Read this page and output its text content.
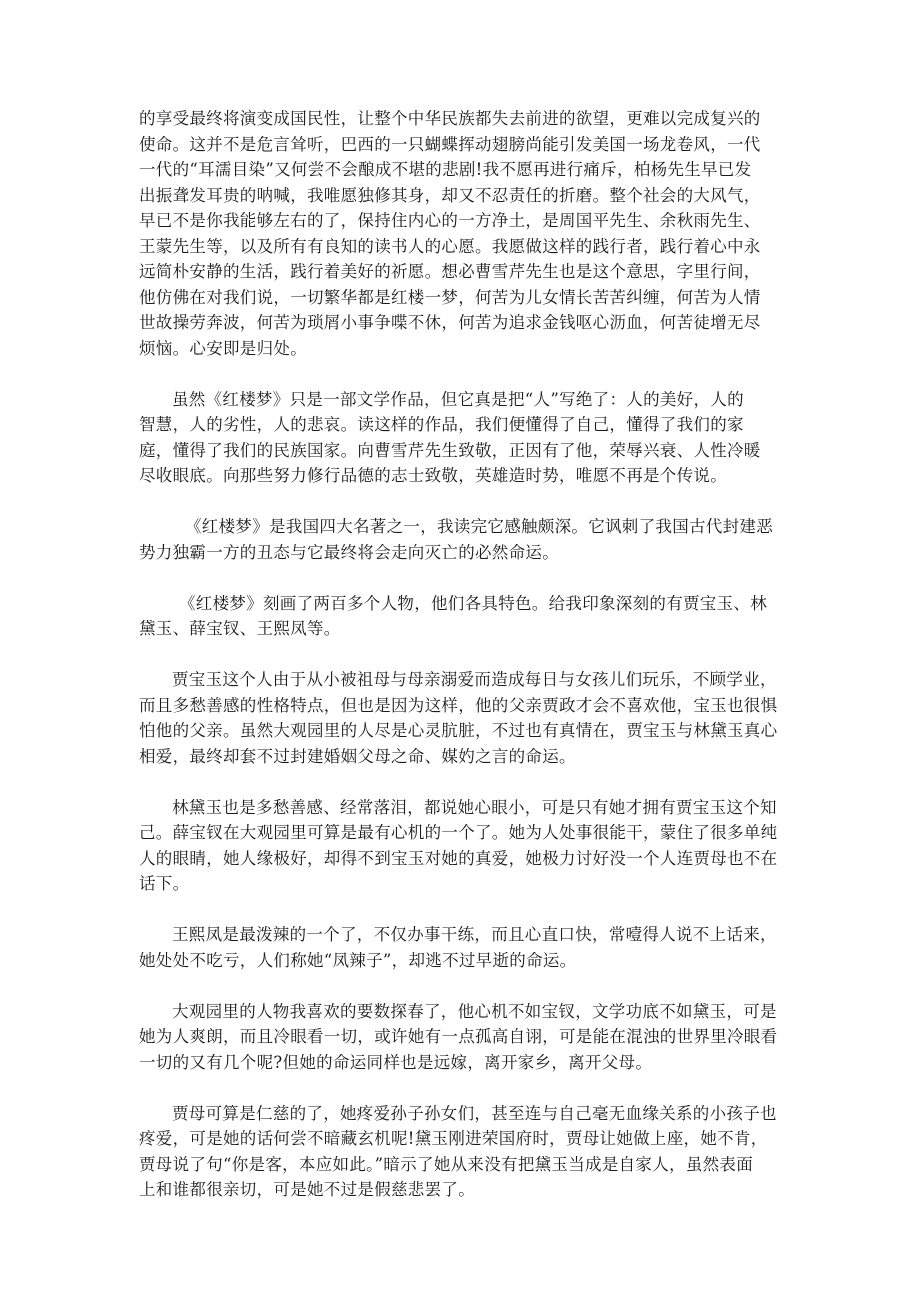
的享受最终将演变成国民性，让整个中华民族都失去前进的欲望，更难以完成复兴的
使命。这并不是危言耸听，巴西的一只蝴蝶挥动翅膀尚能引发美国一场龙卷风，一代
一代的“耳濡目染”又何尝不会酿成不堪的悲剧!我不愿再进行痛斥，柏杨先生早已发
出振聋发耳贵的呐喊，我唯愿独修其身，却又不忍责任的折磨。整个社会的大风气，
早已不是你我能够左右的了，保持住内心的一方净土，是周国平先生、余秋雨先生、
王蒙先生等，以及所有有良知的读书人的心愿。我愿做这样的践行者，践行着心中永
远简朴安静的生活，践行着美好的祈愿。想必曹雪芹先生也是这个意思，字里行间，
他仿佛在对我们说，一切繁华都是红楼一梦，何苦为儿女情长苦苦纠缠，何苦为人情
世故操劳奔波，何苦为琐屑小事争喋不休，何苦为追求金钱呕心沥血，何苦徒增无尽
烦恼。心安即是归处。
虽然《红楼梦》只是一部文学作品，但它真是把“人”写绝了：人的美好，人的
智慧，人的劣性，人的悲哀。读这样的作品，我们便懂得了自己，懂得了我们的家
庭，懂得了我们的民族国家。向曹雪芹先生致敬，正因有了他，荣辱兴衰、人性冷暖
尽收眼底。向那些努力修行品德的志士致敬，英雄造时势，唯愿不再是个传说。
《红楼梦》是我国四大名著之一，我读完它感触颇深。它讽刺了我国古代封建恶
势力独霸一方的丑态与它最终将会走向灭亡的必然命运。
《红楼梦》刻画了两百多个人物，他们各具特色。给我印象深刻的有贾宝玉、林
黛玉、薛宝钗、王熙凤等。
贾宝玉这个人由于从小被祖母与母亲溺爱而造成每日与女孩儿们玩乐，不顾学业，
而且多愁善感的性格特点，但也是因为这样，他的父亲贾政才会不喜欢他，宝玉也很惧
怕他的父亲。虽然大观园里的人尽是心灵肮脏，不过也有真情在，贾宝玉与林黛玉真心
相爱，最终却套不过封建婚姻父母之命、媒妁之言的命运。
林黛玉也是多愁善感、经常落泪，都说她心眼小，可是只有她才拥有贾宝玉这个知
己。薛宝钗在大观园里可算是最有心机的一个了。她为人处事很能干，蒙住了很多单纯
人的眼睛，她人缘极好，却得不到宝玉对她的真爱，她极力讨好没一个人连贾母也不在
话下。
王熙凤是最泼辣的一个了，不仅办事干练，而且心直口快，常噎得人说不上话来，
她处处不吃亏，人们称她“凤辣子”，却逃不过早逝的命运。
大观园里的人物我喜欢的要数探春了，他心机不如宝钗，文学功底不如黛玉，可是
她为人爽朗，而且冷眼看一切，或许她有一点孤高自诩，可是能在混浊的世界里冷眼看
一切的又有几个呢?但她的命运同样也是远嫁，离开家乡，离开父母。
贾母可算是仁慈的了，她疼爱孙子孙女们，甚至连与自己毫无血缘关系的小孩子也
疼爱，可是她的话何尝不暗藏玄机呢!黛玉刚进荣国府时，贾母让她做上座，她不肯，
贾母说了句“你是客，本应如此。”暗示了她从来没有把黛玉当成是自家人，虽然表面
上和谁都很亲切，可是她不过是假慈悲罢了。
